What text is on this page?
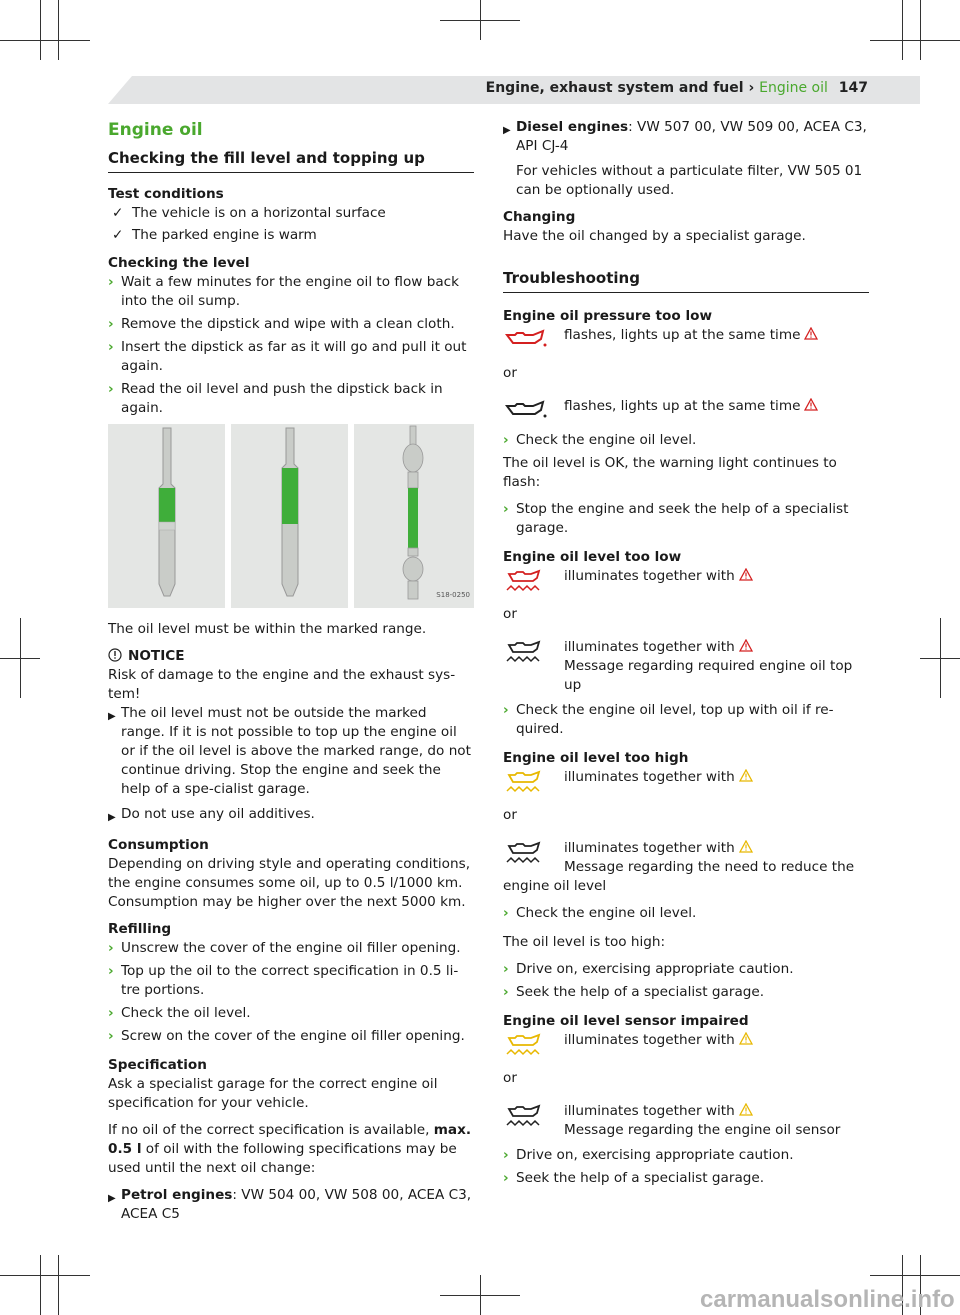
Engine, exhaust system and fuel › Engine oil 147
Engine oil
Checking the fill level and topping up
Test conditions
✓ The vehicle is on a horizontal surface
✓ The parked engine is warm
Checking the level
› Wait a few minutes for the engine oil to flow back into the oil sump.
› Remove the dipstick and wipe with a clean cloth.
› Insert the dipstick as far as it will go and pull it out again.
› Read the oil level and push the dipstick back in again.
S18-0250
The oil level must be within the marked range.
NOTICE
Risk of damage to the engine and the exhaust sys-tem!
▶ The oil level must not be outside the marked range. If it is not possible to top up the engine oil or if the oil level is above the marked range, do not continue driving. Stop the engine and seek the help of a spe-cialist garage.
▶ Do not use any oil additives.
Consumption
Depending on driving style and operating conditions, the engine consumes some oil, up to 0.5 l/1000 km. Consumption may be higher over the next 5000 km.
Refilling
› Unscrew the cover of the engine oil filler opening.
› Top up the oil to the correct specification in 0.5 li-tre portions.
› Check the oil level.
› Screw on the cover of the engine oil filler opening.
Specification
Ask a specialist garage for the correct engine oil specification for your vehicle.
If no oil of the correct specification is available, max. 0.5 l of oil with the following specifications may be used until the next oil change:
▶ Petrol engines: VW 504 00, VW 508 00, ACEA C3, ACEA C5
▶ Diesel engines: VW 507 00, VW 509 00, ACEA C3, API CJ-4
For vehicles without a particulate filter, VW 505 01 can be optionally used.
Changing
Have the oil changed by a specialist garage.
Troubleshooting
Engine oil pressure too low
flashes, lights up at the same time
or
flashes, lights up at the same time
› Check the engine oil level.
The oil level is OK, the warning light continues to flash:
› Stop the engine and seek the help of a specialist garage.
Engine oil level too low
illuminates together with
or
illuminates together with
Message regarding required engine oil top up
› Check the engine oil level, top up with oil if re-quired.
Engine oil level too high
illuminates together with
or
illuminates together with
Message regarding the need to reduce the
engine oil level
› Check the engine oil level.
The oil level is too high:
› Drive on, exercising appropriate caution.
› Seek the help of a specialist garage.
Engine oil level sensor impaired
illuminates together with
or
illuminates together with
Message regarding the engine oil sensor
› Drive on, exercising appropriate caution.
› Seek the help of a specialist garage.
carmanualsonline.info
